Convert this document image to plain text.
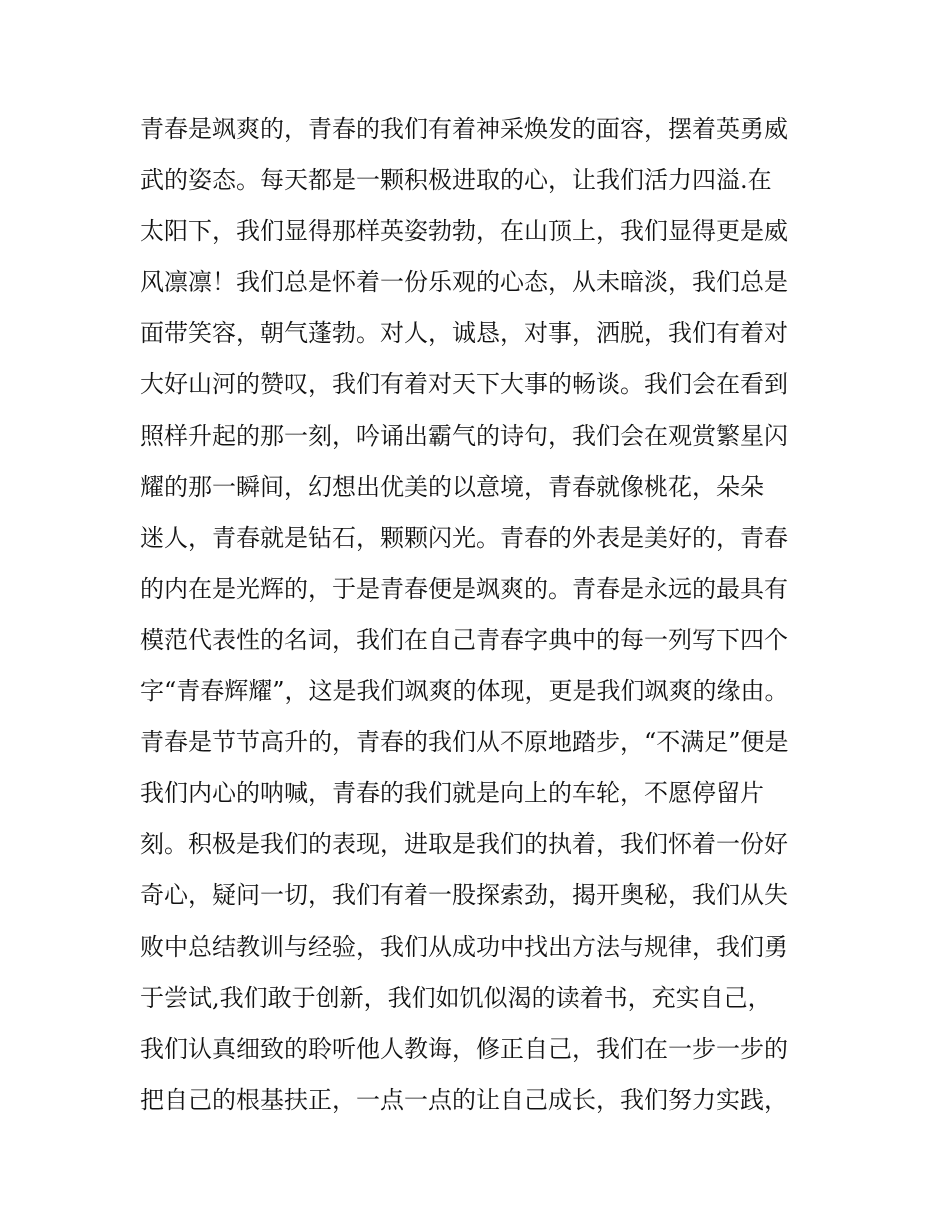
青春是飒爽的，青春的我们有着神采焕发的面容，摆着英勇威
武的姿态。每天都是一颗积极进取的心，让我们活力四溢.在
太阳下，我们显得那样英姿勃勃，在山顶上，我们显得更是威
风凛凛！我们总是怀着一份乐观的心态，从未暗淡，我们总是
面带笑容，朝气蓬勃。对人，诚恳，对事，洒脱，我们有着对
大好山河的赞叹，我们有着对天下大事的畅谈。我们会在看到
照样升起的那一刻，吟诵出霸气的诗句，我们会在观赏繁星闪
耀的那一瞬间，幻想出优美的以意境，青春就像桃花，朵朵
迷人，青春就是钻石，颗颗闪光。青春的外表是美好的，青春
的内在是光辉的，于是青春便是飒爽的。青春是永远的最具有
模范代表性的名词，我们在自己青春字典中的每一列写下四个
字“青春辉耀”，这是我们飒爽的体现，更是我们飒爽的缘由。
青春是节节高升的，青春的我们从不原地踏步，“不满足”便是
我们内心的呐喊，青春的我们就是向上的车轮，不愿停留片
刻。积极是我们的表现，进取是我们的执着，我们怀着一份好
奇心，疑问一切，我们有着一股探索劲，揭开奥秘，我们从失
败中总结教训与经验，我们从成功中找出方法与规律，我们勇
于尝试,我们敢于创新，我们如饥似渴的读着书，充实自己，
我们认真细致的聆听他人教诲，修正自己，我们在一步一步的
把自己的根基扶正，一点一点的让自己成长，我们努力实践，
